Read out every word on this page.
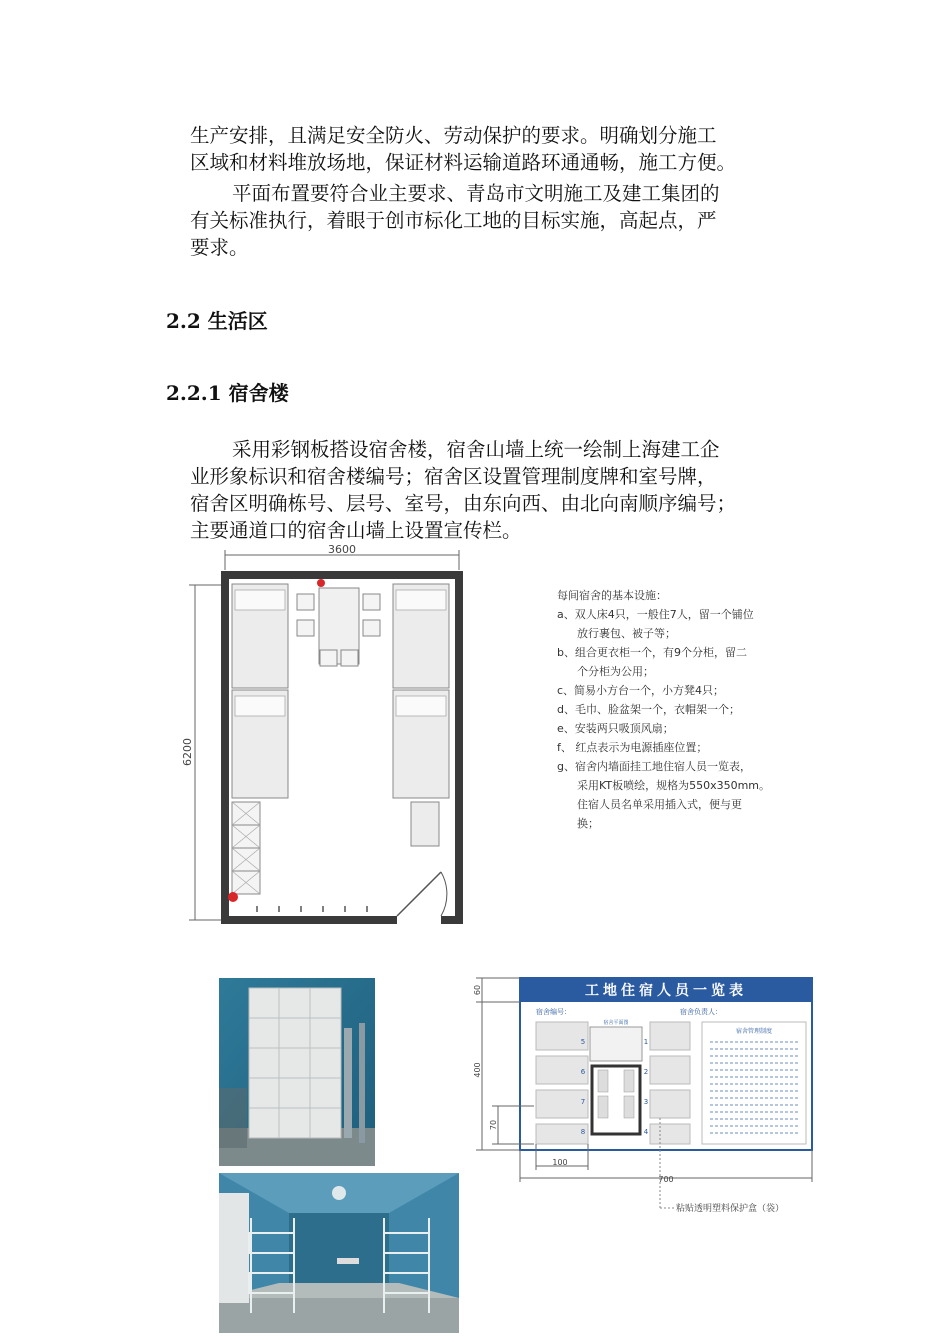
生产安排，且满足安全防火、劳动保护的要求。明确划分施工
区域和材料堆放场地，保证材料运输道路环通通畅，施工方便。
平面布置要符合业主要求、青岛市文明施工及建工集团的
有关标准执行，着眼于创市标化工地的目标实施，高起点，严
要求。
2.2 生活区
2.2.1 宿舍楼
采用彩钢板搭设宿舍楼，宿舍山墙上统一绘制上海建工企
业形象标识和宿舍楼编号；宿舍区设置管理制度牌和室号牌，
宿舍区明确栋号、层号、室号，由东向西、由北向南顺序编号；
主要通道口的宿舍山墙上设置宣传栏。
3600
6200
每间宿舍的基本设施：
a、双人床4只，一般住7人，留一个铺位
放行裹包、被子等；
b、组合更衣柜一个，有9个分柜，留二
个分柜为公用；
c、简易小方台一个，小方凳4只；
d、毛巾、脸盆架一个，衣帽架一个；
e、安装两只吸顶风扇；
f、 红点表示为电源插座位置；
g、宿舍内墙面挂工地住宿人员一览表，
采用KT板喷绘，规格为550x350mm。
住宿人员名单采用插入式，便与更
换；
工地住宿人员一览表
宿舍编号：	宿舍负责人：
5
6
7
8
1
2
3
4
宿舍平面图
宿舍管理制度
60
400
70
100
700
粘贴透明塑料保护盒（袋）
